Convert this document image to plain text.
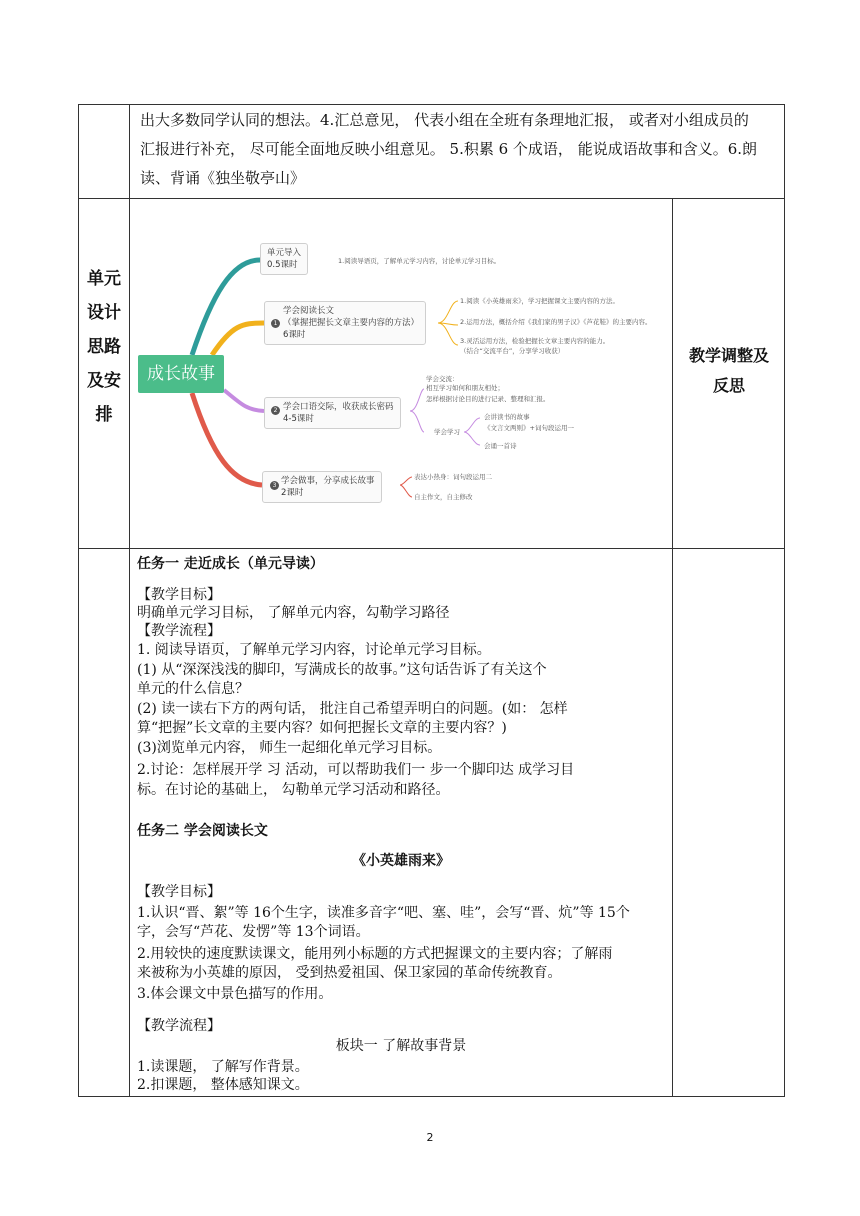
出大多数同学认同的想法。4.汇总意见， 代表小组在全班有条理地汇报， 或者对小组成员的
汇报进行补充， 尽可能全面地反映小组意见。 5.积累 6 个成语， 能说成语故事和含义。6.朗
读、背诵《独坐敬亭山》
单元
设计
思路
及安
排
教学调整及
反思
成长故事
单元导入
0.5课时	1.阅读导语页，了解单元学习内容，讨论单元学习目标。
学会阅读长文
（掌握把握长文章主要内容的方法）
6课时
1
1.阅读《小英雄雨来》，学习把握课文主要内容的方法。
2.运用方法，概括介绍《我们家的男子汉》《芦花鞋》的主要内容。
3.灵活运用方法，检验把握长文章主要内容的能力。
（结合“交流平台”，分享学习收获）
学会口语交际，收获成长密码
4-5课时
2
学会交流：
相互学习如何和朋友相处；
怎样根据讨论目的进行记录、整理和汇报。
学会学习
会讲读书的故事
《文言文两则》+词句段运用一
会诵一首诗
学会做事，分享成长故事
2课时
3
表达小热身：词句段运用二
自主作文，自主修改
任务一 走近成长（单元导读）
【教学目标】
明确单元学习目标， 了解单元内容，勾勒学习路径
【教学流程】
1. 阅读导语页，了解单元学习内容，讨论单元学习目标。
(1) 从“深深浅浅的脚印，写满成长的故事。”这句话告诉了有关这个
单元的什么信息？
(2) 读一读右下方的两句话， 批注自己希望弄明白的问题。(如： 怎样
算“把握”长文章的主要内容？如何把握长文章的主要内容？)
(3)浏览单元内容， 师生一起细化单元学习目标。
2.讨论：怎样展开学 习 活动，可以帮助我们一 步一个脚印达 成学习目
标。在讨论的基础上， 勾勒单元学习活动和路径。
任务二 学会阅读长文
《小英雄雨来》
【教学目标】
1.认识“晋、絮”等 16个生字，读准多音字“吧、塞、哇”，会写“晋、炕”等 15个
字，会写“芦花、发愣”等 13个词语。
2.用较快的速度默读课文，能用列小标题的方式把握课文的主要内容；了解雨
来被称为小英雄的原因， 受到热爱祖国、保卫家园的革命传统教育。
3.体会课文中景色描写的作用。
【教学流程】
板块一 了解故事背景
1.读课题， 了解写作背景。
2.扣课题， 整体感知课文。
2
